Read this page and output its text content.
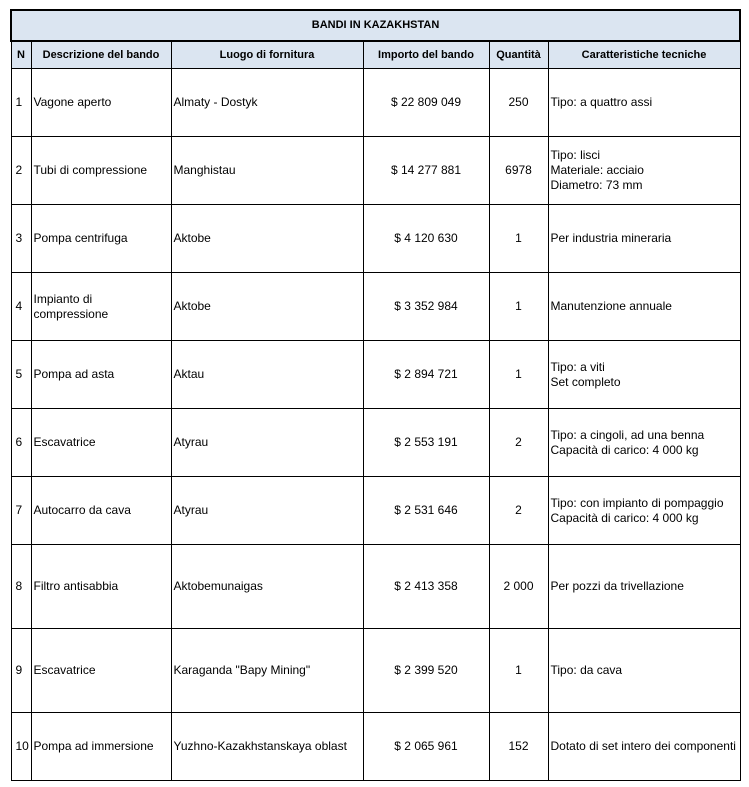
BANDI IN KAZAKHSTAN					
N	Descrizione del bando	Luogo di fornitura	Importo del bando	Quantità	Caratteristiche tecniche
1	Vagone aperto	Almaty - Dostyk	$ 22 809 049	250	Tipo: a quattro assi

2	Tubi di compressione	Manghistau	$ 14 277 881	6978	Tipo: lisci
Materiale: acciaio
Diametro: 73 mm

3	Pompa centrifuga	Aktobe	$ 4 120 630	1	Per industria mineraria

4	Impianto di compressione	Aktobe	$ 3 352 984	1	Manutenzione annuale

5	Pompa ad asta	Aktau	$ 2 894 721	1	Tipo: a viti
Set completo

6	Escavatrice	Atyrau	$ 2 553 191	2	Tipo: a cingoli, ad una benna
Capacità di carico: 4 000 kg

7	Autocarro da cava	Atyrau	$ 2 531 646	2	Tipo: con impianto di pompaggio
Capacità di carico: 4 000 kg

8	Filtro antisabbia	Aktobemunaigas	$ 2 413 358	2 000	Per pozzi da trivellazione

9	Escavatrice	Karaganda "Bapy Mining"	$ 2 399 520	1	Tipo: da cava

10	Pompa ad immersione	Yuzhno-Kazakhstanskaya oblast	$ 2 065 961	152	Dotato di set intero dei componenti
